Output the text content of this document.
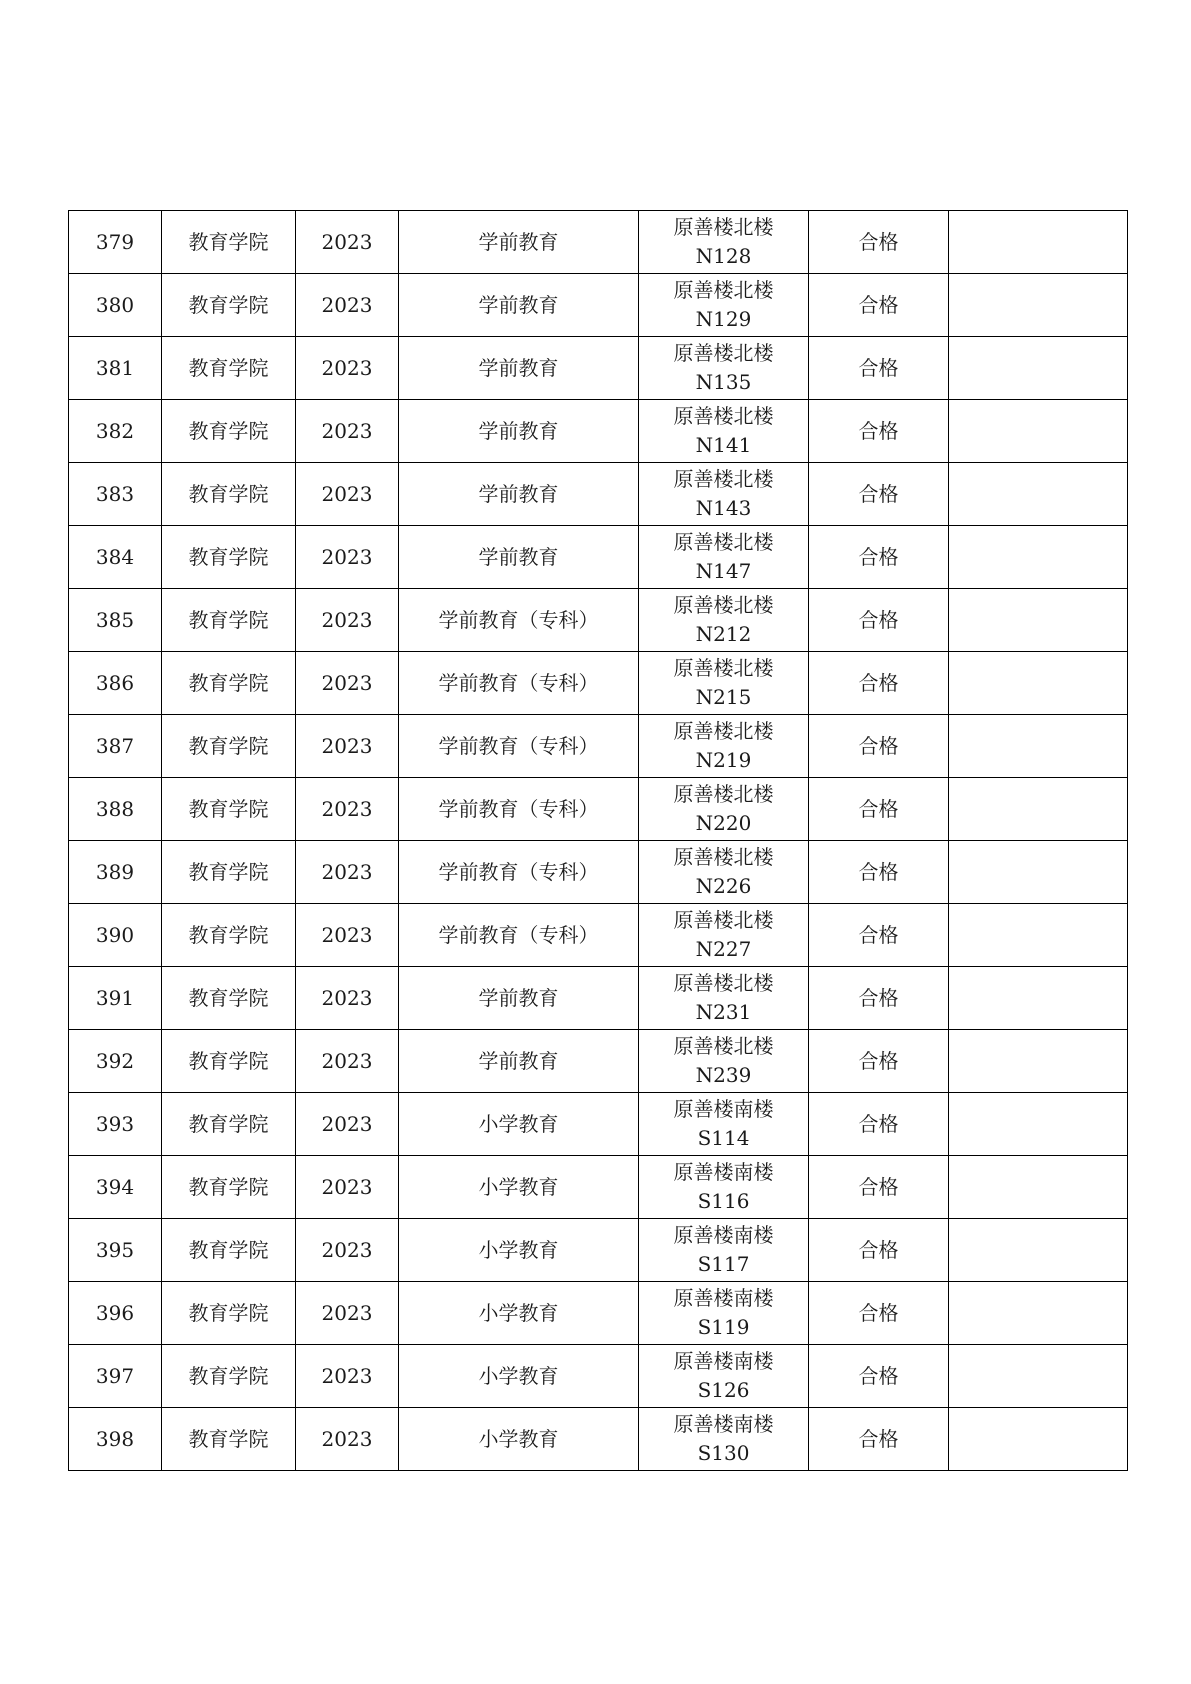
379	教育学院	2023	学前教育	原善楼北楼
N128	合格	
380	教育学院	2023	学前教育	原善楼北楼
N129	合格	
381	教育学院	2023	学前教育	原善楼北楼
N135	合格	
382	教育学院	2023	学前教育	原善楼北楼
N141	合格	
383	教育学院	2023	学前教育	原善楼北楼
N143	合格	
384	教育学院	2023	学前教育	原善楼北楼
N147	合格	
385	教育学院	2023	学前教育（专科）	原善楼北楼
N212	合格	
386	教育学院	2023	学前教育（专科）	原善楼北楼
N215	合格	
387	教育学院	2023	学前教育（专科）	原善楼北楼
N219	合格	
388	教育学院	2023	学前教育（专科）	原善楼北楼
N220	合格	
389	教育学院	2023	学前教育（专科）	原善楼北楼
N226	合格	
390	教育学院	2023	学前教育（专科）	原善楼北楼
N227	合格	
391	教育学院	2023	学前教育	原善楼北楼
N231	合格	
392	教育学院	2023	学前教育	原善楼北楼
N239	合格	
393	教育学院	2023	小学教育	原善楼南楼
S114	合格	
394	教育学院	2023	小学教育	原善楼南楼
S116	合格	
395	教育学院	2023	小学教育	原善楼南楼
S117	合格	
396	教育学院	2023	小学教育	原善楼南楼
S119	合格	
397	教育学院	2023	小学教育	原善楼南楼
S126	合格	
398	教育学院	2023	小学教育	原善楼南楼
S130	合格	
